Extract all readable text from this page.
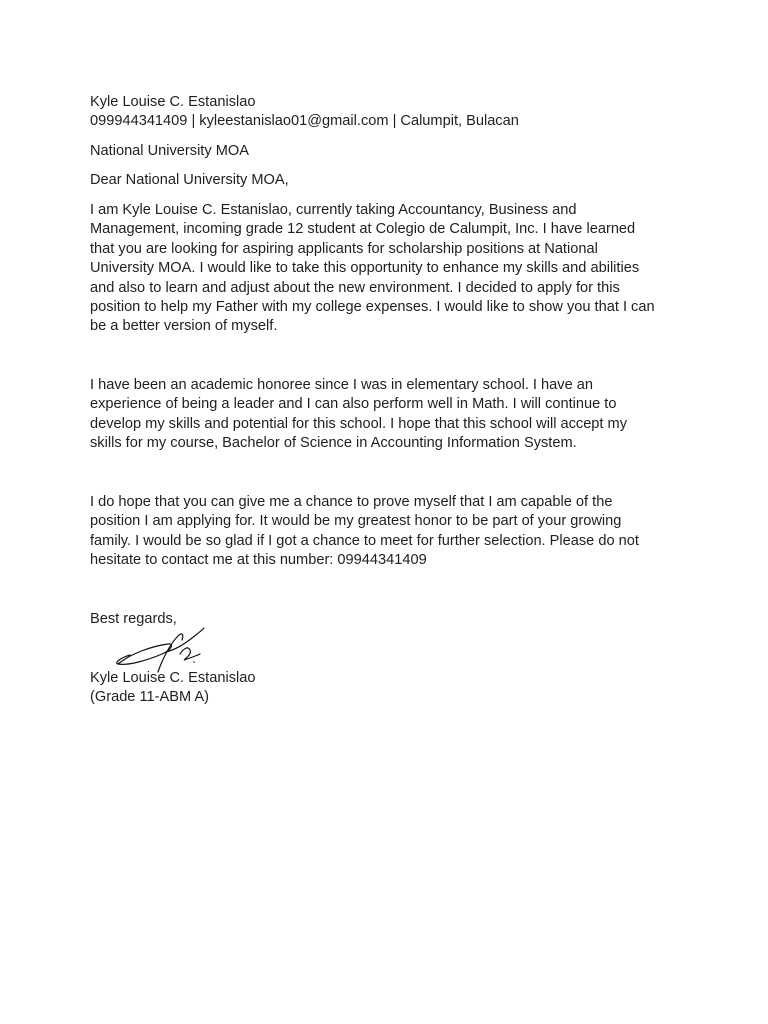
Kyle Louise C. Estanislao
099944341409 | kyleestanislao01@gmail.com | Calumpit, Bulacan
National University MOA
Dear National University MOA,
I am Kyle Louise C. Estanislao, currently taking Accountancy, Business and
Management, incoming grade 12 student at Colegio de Calumpit, Inc. I have learned
that you are looking for aspiring applicants for scholarship positions at National
University MOA. I would like to take this opportunity to enhance my skills and abilities
and also to learn and adjust about the new environment. I decided to apply for this
position to help my Father with my college expenses. I would like to show you that I can
be a better version of myself.
I have been an academic honoree since I was in elementary school. I have an
experience of being a leader and I can also perform well in Math. I will continue to
develop my skills and potential for this school. I hope that this school will accept my
skills for my course, Bachelor of Science in Accounting Information System.
I do hope that you can give me a chance to prove myself that I am capable of the
position I am applying for. It would be my greatest honor to be part of your growing
family. I would be so glad if I got a chance to meet for further selection. Please do not
hesitate to contact me at this number: 09944341409
Best regards,
Kyle Louise C. Estanislao
(Grade 11-ABM A)
